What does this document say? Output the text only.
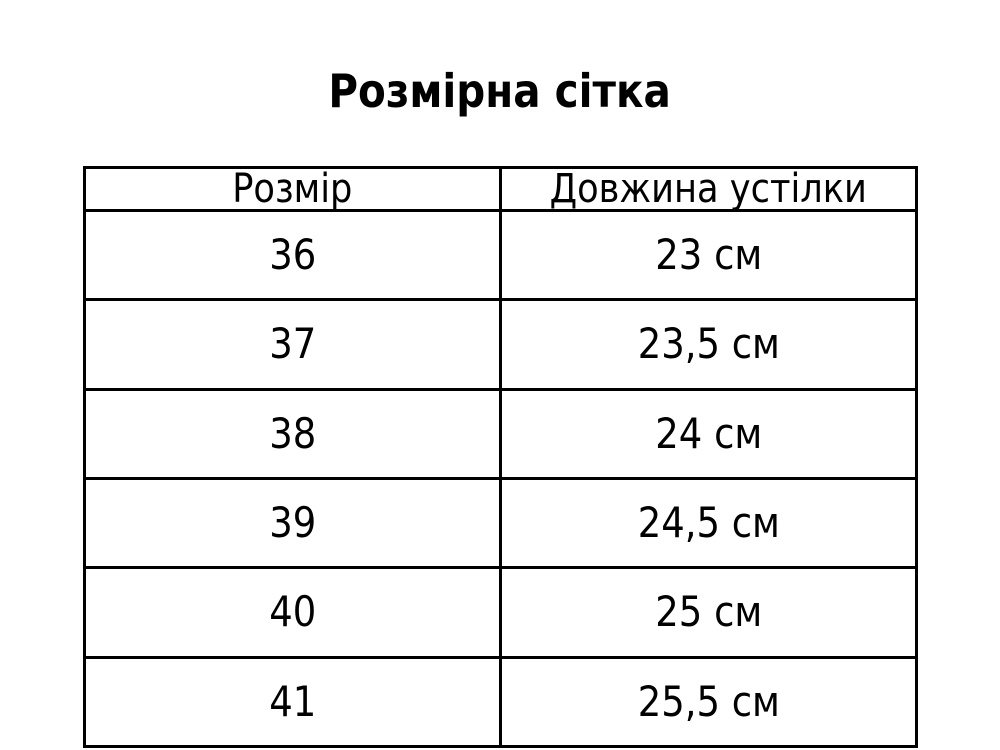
Розмірна сітка
Розмір	Довжина устілки
36	23 см
37	23,5 см
38	24 см
39	24,5 см
40	25 см
41	25,5 см
